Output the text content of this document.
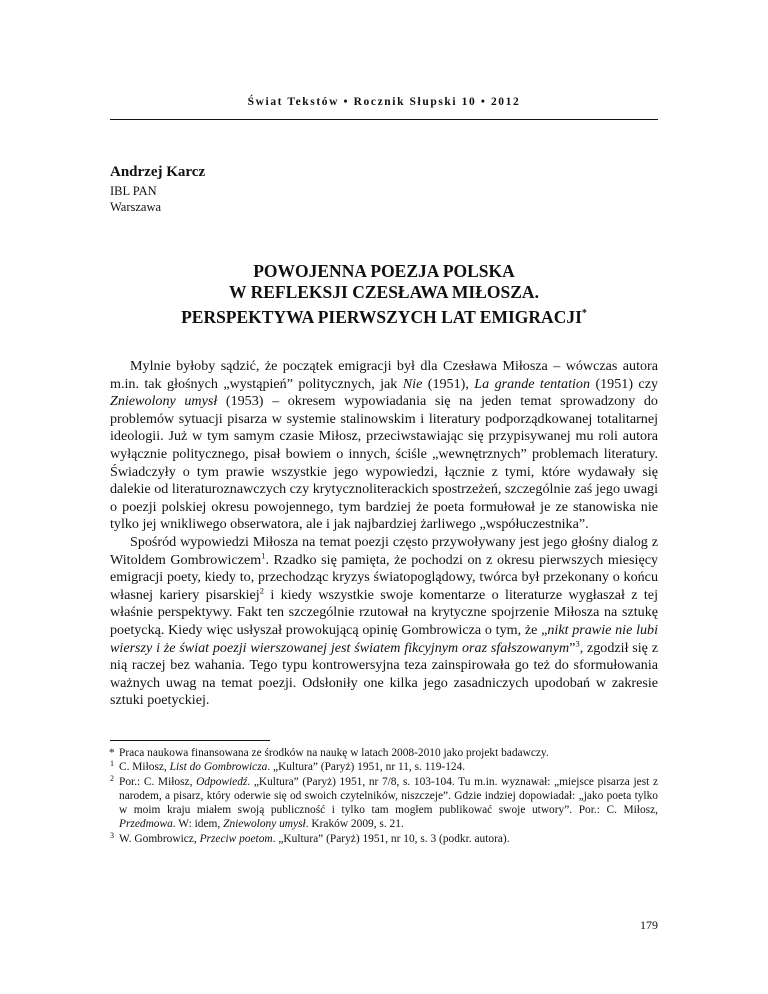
Świat Tekstów • Rocznik Słupski 10 • 2012
Andrzej Karcz
IBL PAN
Warszawa
POWOJENNA POEZJA POLSKA
W REFLEKSJI CZESŁAWA MIŁOSZA.
PERSPEKTYWA PIERWSZYCH LAT EMIGRACJI*

Mylnie byłoby sądzić, że początek emigracji był dla Czesława Miłosza – wówczas autora m.in. tak głośnych „wystąpień” politycznych, jak Nie (1951), La grande tentation (1951) czy Zniewolony umysł (1953) – okresem wypowiadania się na jeden temat sprowadzony do problemów sytuacji pisarza w systemie stalinowskim i literatury podporządkowanej totalitarnej ideologii. Już w tym samym czasie Miłosz, przeciwstawiając się przypisywanej mu roli autora wyłącznie politycznego, pisał bowiem o innych, ściśle „wewnętrznych” problemach literatury. Świadczyły o tym prawie wszystkie jego wypowiedzi, łącznie z tymi, które wydawały się dalekie od literaturoznawczych czy krytycznoliterackich spostrzeżeń, szczególnie zaś jego uwagi o poezji polskiej okresu powojennego, tym bardziej że poeta formułował je ze stanowiska nie tylko jej wnikliwego obserwatora, ale i jak najbardziej żarliwego „współuczestnika”.

Spośród wypowiedzi Miłosza na temat poezji często przywoływany jest jego głośny dialog z Witoldem Gombrowiczem$^1$. Rzadko się pamięta, że pochodzi on z okresu pierwszych miesięcy emigracji poety, kiedy to, przechodząc kryzys światopoglądowy, twórca był przekonany o końcu własnej kariery pisarskiej$^2$ i kiedy wszystkie swoje komentarze o literaturze wygłaszał z tej właśnie perspektywy. Fakt ten szczególnie rzutował na krytyczne spojrzenie Miłosza na sztukę poetycką. Kiedy więc usłyszał prowokującą opinię Gombrowicza o tym, że „nikt prawie nie lubi wierszy i że świat poezji wierszowanej jest światem fikcyjnym oraz sfałszowanym”$^3$, zgodził się z nią raczej bez wahania. Tego typu kontrowersyjna teza zainspirowała go też do sformułowania ważnych uwag na temat poezji. Odsłoniły one kilka jego zasadniczych upodobań w zakresie sztuki poetyckiej.

* Praca naukowa finansowana ze środków na naukę w latach 2008-2010 jako projekt badawczy.

1 C. Miłosz, List do Gombrowicza. „Kultura” (Paryż) 1951, nr 11, s. 119-124.

2 Por.: C. Miłosz, Odpowiedź. „Kultura” (Paryż) 1951, nr 7/8, s. 103-104. Tu m.in. wyznawał: „miejsce pisarza jest z narodem, a pisarz, który oderwie się od swoich czytelników, niszczeje”. Gdzie indziej dopowiadał: „jako poeta tylko w moim kraju miałem swoją publiczność i tylko tam mogłem publikować swoje utwory”. Por.: C. Miłosz, Przedmowa. W: idem, Zniewolony umysł. Kraków 2009, s. 21.

3 W. Gombrowicz, Przeciw poetom. „Kultura” (Paryż) 1951, nr 10, s. 3 (podkr. autora).

179
